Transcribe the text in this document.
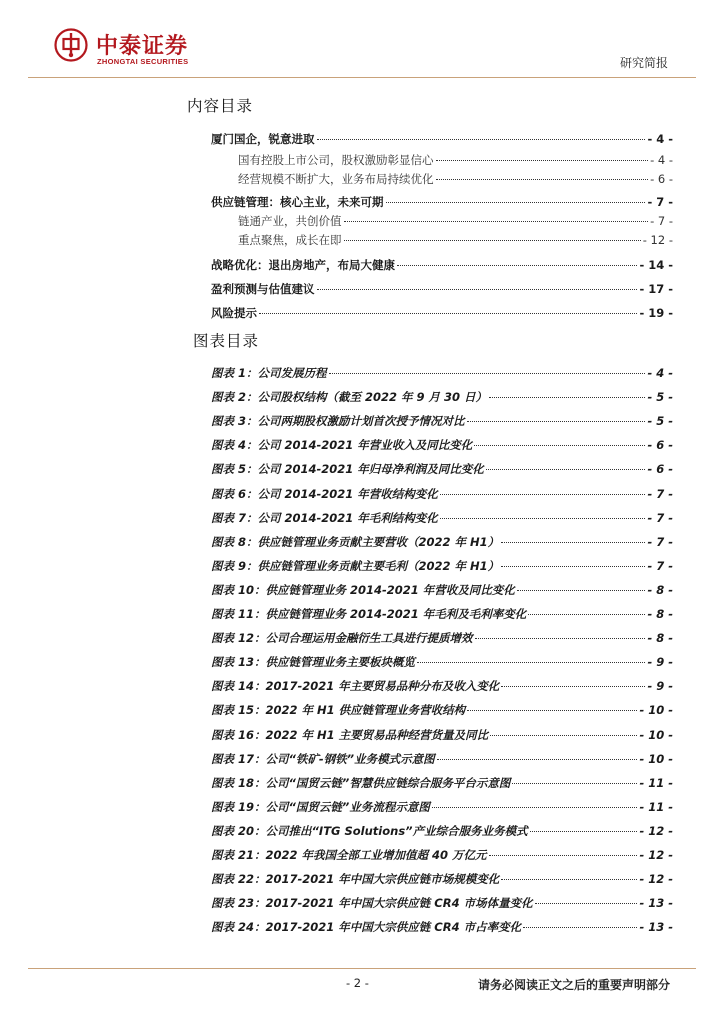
中泰证券
ZHONGTAI SECURITIES	研究简报
内容目录
厦门国企，锐意进取	- 4 -
国有控股上市公司，股权激励彰显信心	- 4 -
经营规模不断扩大，业务布局持续优化	- 6 -
供应链管理：核心主业，未来可期	- 7 -
链通产业，共创价值	- 7 -
重点聚焦，成长在即	- 12 -
战略优化：退出房地产，布局大健康	- 14 -
盈利预测与估值建议	- 17 -
风险提示	- 19 -
图表目录
图表 1：公司发展历程	- 4 -
图表 2：公司股权结构（截至 2022 年 9 月 30 日）	- 5 -
图表 3：公司两期股权激励计划首次授予情况对比	- 5 -
图表 4：公司 2014-2021 年营业收入及同比变化	- 6 -
图表 5：公司 2014-2021 年归母净利润及同比变化	- 6 -
图表 6：公司 2014-2021 年营收结构变化	- 7 -
图表 7：公司 2014-2021 年毛利结构变化	- 7 -
图表 8：供应链管理业务贡献主要营收（2022 年 H1）	- 7 -
图表 9：供应链管理业务贡献主要毛利（2022 年 H1）	- 7 -
图表 10：供应链管理业务 2014-2021 年营收及同比变化	- 8 -
图表 11：供应链管理业务 2014-2021 年毛利及毛利率变化	- 8 -
图表 12：公司合理运用金融衍生工具进行提质增效	- 8 -
图表 13：供应链管理业务主要板块概览	- 9 -
图表 14：2017-2021 年主要贸易品种分布及收入变化	- 9 -
图表 15：2022 年 H1 供应链管理业务营收结构	- 10 -
图表 16：2022 年 H1 主要贸易品种经营货量及同比	- 10 -
图表 17：公司“铁矿-钢铁”业务模式示意图	- 10 -
图表 18：公司“国贸云链”智慧供应链综合服务平台示意图	- 11 -
图表 19：公司“国贸云链”业务流程示意图	- 11 -
图表 20：公司推出“ITG Solutions”产业综合服务业务模式	- 12 -
图表 21：2022 年我国全部工业增加值超 40 万亿元	- 12 -
图表 22：2017-2021 年中国大宗供应链市场规模变化	- 12 -
图表 23：2017-2021 年中国大宗供应链 CR4 市场体量变化	- 13 -
图表 24：2017-2021 年中国大宗供应链 CR4 市占率变化	- 13 -
- 2 -	请务必阅读正文之后的重要声明部分
